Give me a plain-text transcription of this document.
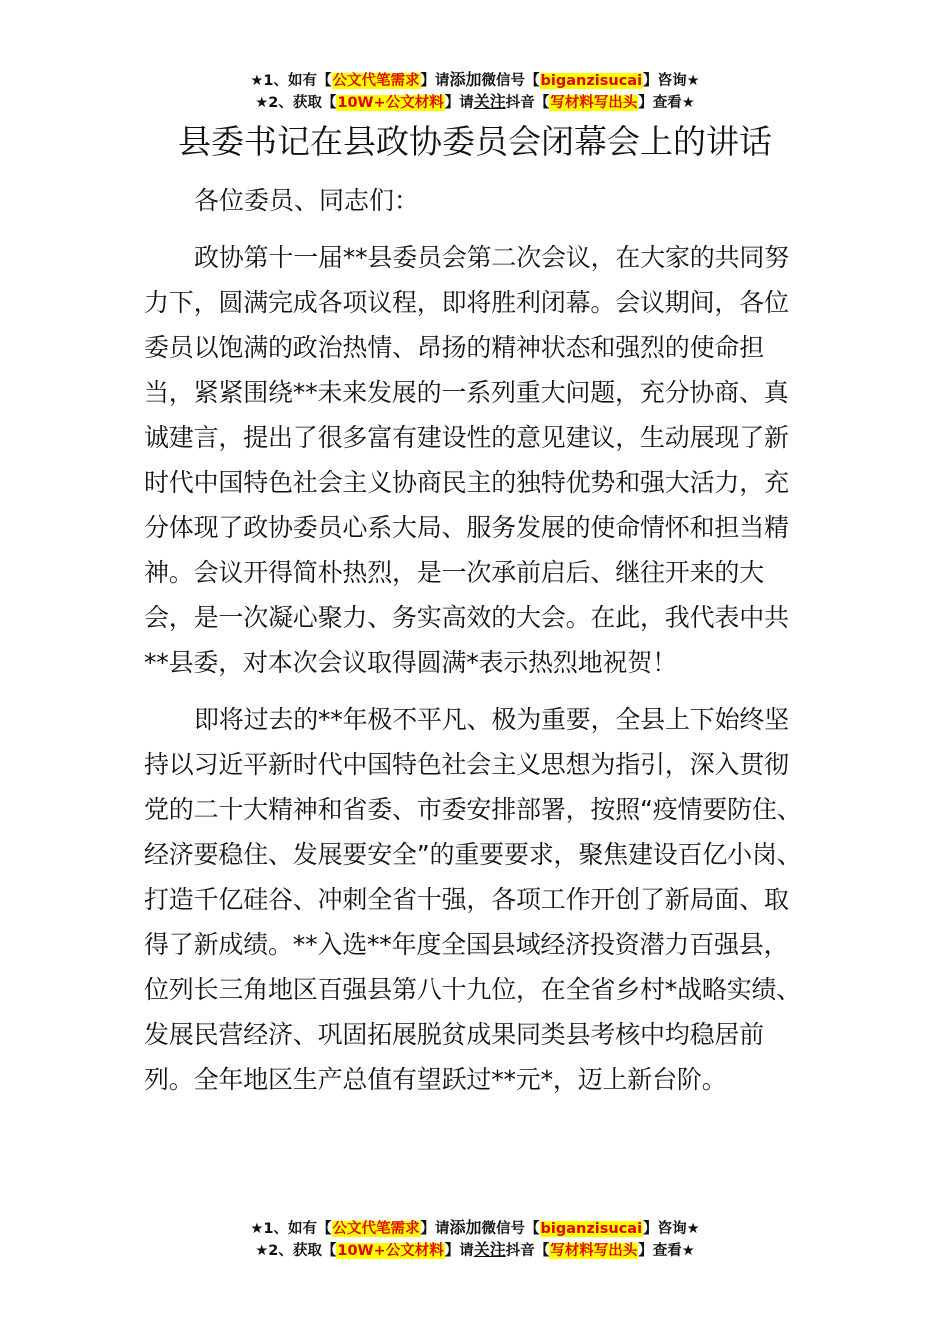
★1、如有【公文代笔需求】请添加微信号【biganzisucai】咨询★
★2、获取【10W+公文材料】请关注抖音【写材料写出头】查看★
县委书记在县政协委员会闭幕会上的讲话

各位委员、同志们：

政协第十一届**县委员会第二次会议，在大家的共同努力下，圆满完成各项议程，即将胜利闭幕。会议期间，各位委员以饱满的政治热情、昂扬的精神状态和强烈的使命担当，紧紧围绕**未来发展的一系列重大问题，充分协商、真诚建言，提出了很多富有建设性的意见建议，生动展现了新时代中国特色社会主义协商民主的独特优势和强大活力，充分体现了政协委员心系大局、服务发展的使命情怀和担当精神。会议开得简朴热烈，是一次承前启后、继往开来的大会，是一次凝心聚力、务实高效的大会。在此，我代表中共**县委，对本次会议取得圆满*表示热烈地祝贺！

即将过去的**年极不平凡、极为重要，全县上下始终坚持以习近平新时代中国特色社会主义思想为指引，深入贯彻党的二十大精神和省委、市委安排部署，按照“疫情要防住、经济要稳住、发展要安全”的重要要求，聚焦建设百亿小岗、打造千亿硅谷、冲刺全省十强，各项工作开创了新局面、取得了新成绩。**入选**年度全国县域经济投资潜力百强县，位列长三角地区百强县第八十九位，在全省乡村*战略实绩、发展民营经济、巩固拓展脱贫成果同类县考核中均稳居前列。全年地区生产总值有望跃过**元*，迈上新台阶。

★1、如有【公文代笔需求】请添加微信号【biganzisucai】咨询★
★2、获取【10W+公文材料】请关注抖音【写材料写出头】查看★
